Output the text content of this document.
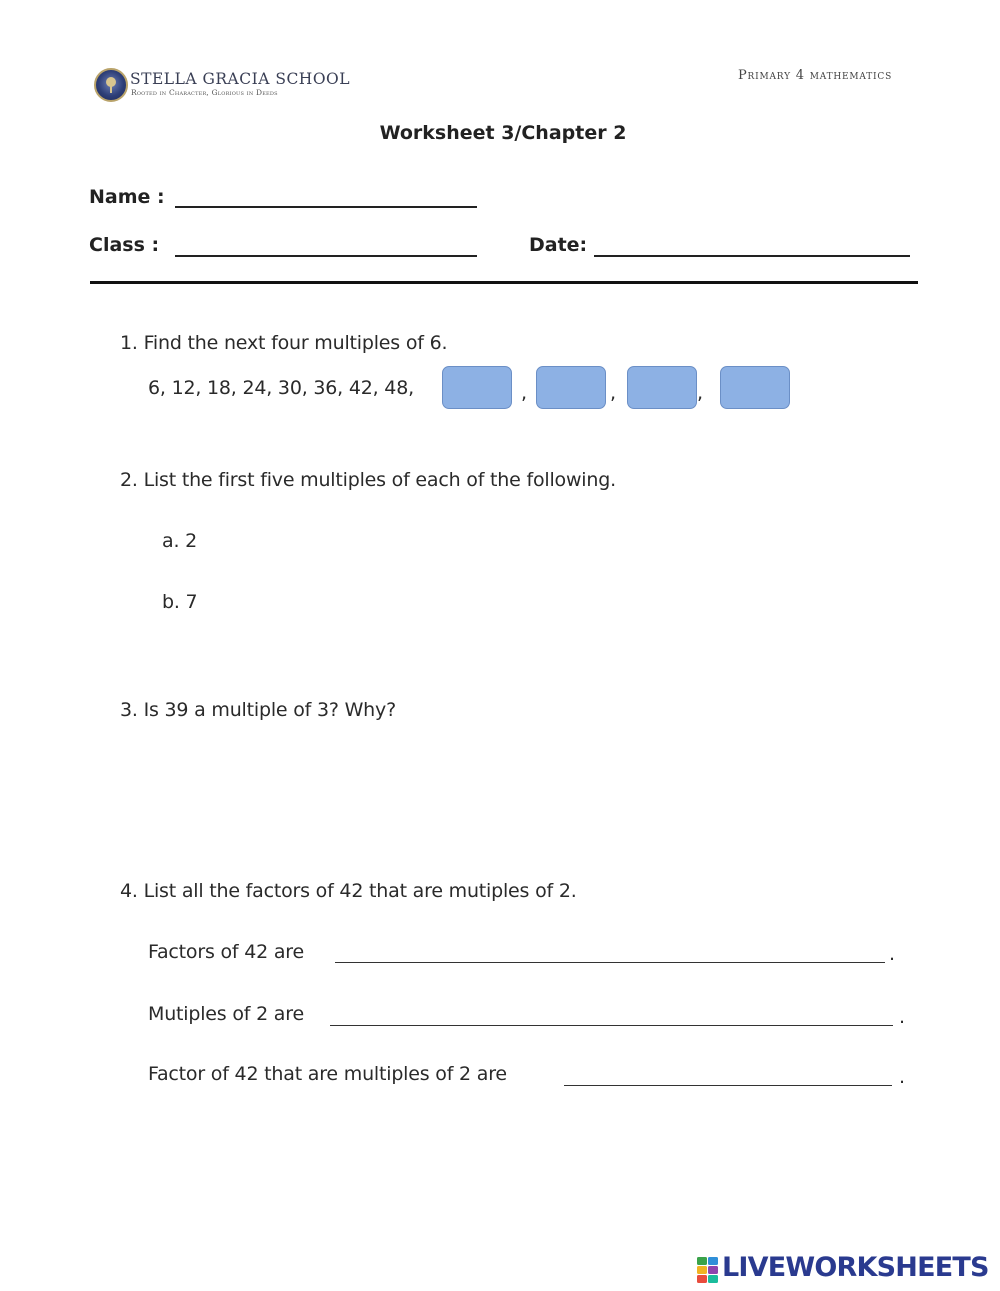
STELLA GRACIA SCHOOL
Rooted in Character, Glorious in Deeds
Primary 4 mathematics
Worksheet 3/Chapter 2
Name :
Class :	Date:
1. Find the next four multiples of 6.
6, 12, 18, 24, 30, 36, 42, 48,	,	,	,
2. List the first five multiples of each of the following.
a. 2
b. 7
3. Is 39 a multiple of 3? Why?
4. List all the factors of 42 that are mutiples of 2.
Factors of 42 are	.
Mutiples of 2 are	.
Factor of 42 that are multiples of 2 are	.
LIVEWORKSHEETS
